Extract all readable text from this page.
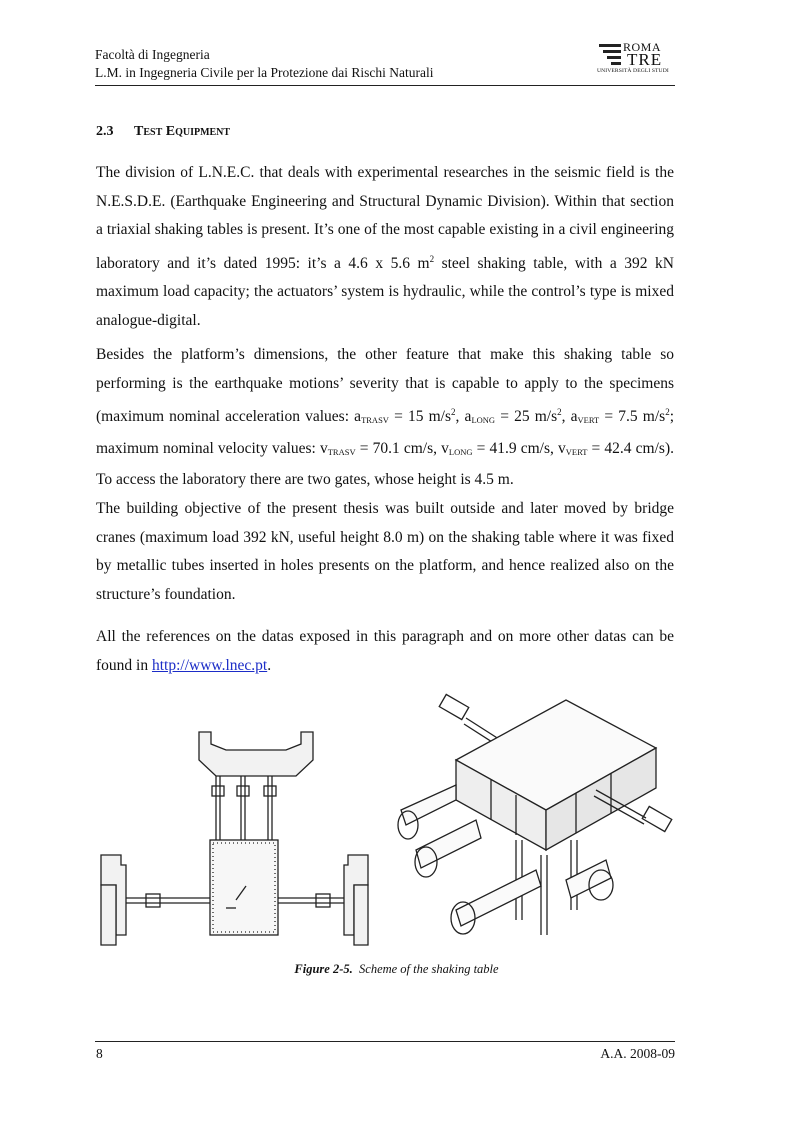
Facoltà di Ingegneria

L.M. in Ingegneria Civile per la Protezione dai Rischi Naturali

ROMA
TRE
UNIVERSITÀ DEGLI STUDI
2.3 Test Equipment

The division of L.N.E.C. that deals with experimental researches in the seismic field is the N.E.S.D.E. (Earthquake Engineering and Structural Dynamic Division). Within that section a triaxial shaking tables is present. It’s one of the most capable existing in a civil engineering laboratory and it’s dated 1995: it’s a 4.6 x 5.6 $m^2$ steel shaking table, with a 392 kN maximum load capacity; the actuators’ system is hydraulic, while the control’s type is mixed analogue-digital.

Besides the platform’s dimensions, the other feature that make this shaking table so performing is the earthquake motions’ severity that is capable to apply to the specimens (maximum nominal acceleration values: $a_{TRASV} = 15$ $m/s^2$, $a_{LONG} = 25$ $m/s^2$, $a_{VERT} = 7.5$ $m/s^2$; maximum nominal velocity values: $v_{TRASV} = 70.1$ cm/s, $v_{LONG} = 41.9$ cm/s, $v_{VERT} = 42.4$ cm/s). To access the laboratory there are two gates, whose height is 4.5 m.

The building objective of the present thesis was built outside and later moved by bridge cranes (maximum load 392 kN, useful height 8.0 m) on the shaking table where it was fixed by metallic tubes inserted in holes presents on the platform, and hence realized also on the structure’s foundation.

All the references on the datas exposed in this paragraph and on more other datas can be found in http://www.lnec.pt.

Figure 2-5. Scheme of the shaking table
8	A.A. 2008-09
